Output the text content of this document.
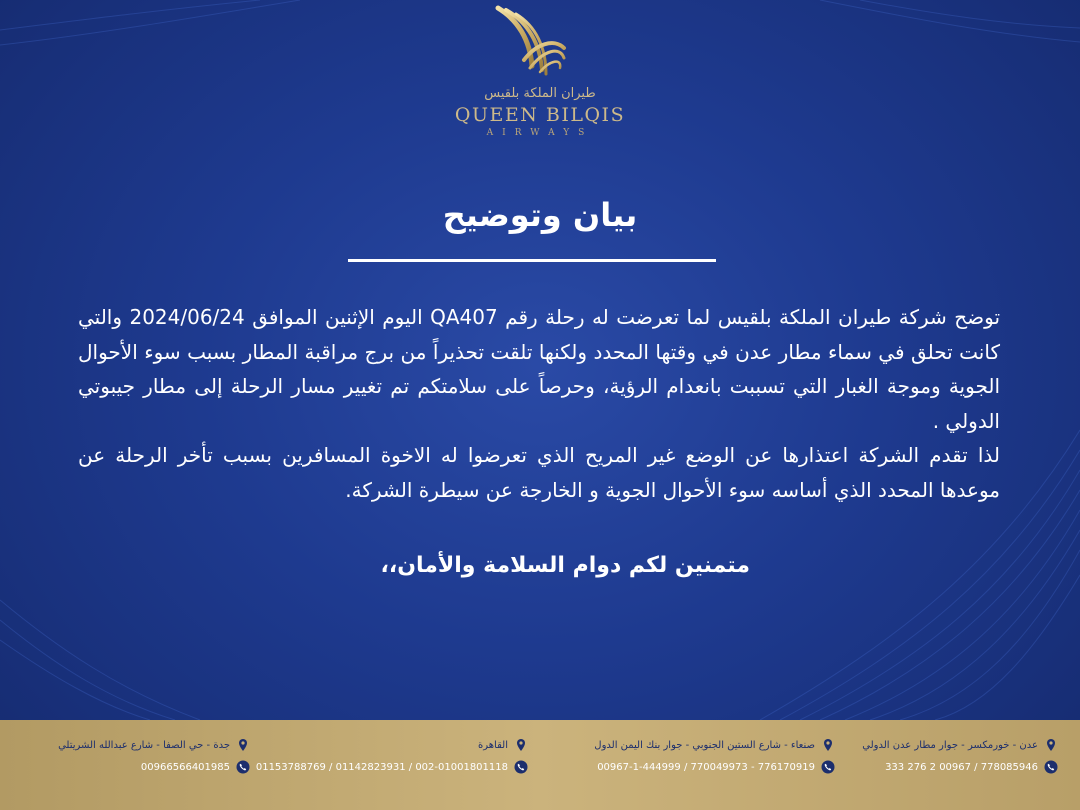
طيران الملكة بلقيس
QUEEN BILQIS
AIRWAYS
بيان وتوضيح

توضح شركة طيران الملكة بلقيس لما تعرضت له رحلة رقم QA407 اليوم الإثنين الموافق 2024/06/24 والتي كانت تحلق في سماء مطار عدن في وقتها المحدد ولكنها تلقت تحذيراً من برج مراقبة المطار بسبب سوء الأحوال الجوية وموجة الغبار التي تسببت بانعدام الرؤية، وحرصاً على سلامتكم تم تغيير مسار الرحلة إلى مطار جيبوتي الدولي .

لذا تقدم الشركة اعتذارها عن الوضع غير المريح الذي تعرضوا له الاخوة المسافرين بسبب تأخر الرحلة عن موعدها المحدد الذي أساسه سوء الأحوال الجوية و الخارجة عن سيطرة الشركة.

متمنين لكم دوام السلامة والأمان،،
عدن - خورمكسر - جوار مطار عدن الدولي
778085946 / 00967 2 276 333
صنعاء - شارع الستين الجنوبي - جوار بنك اليمن الدول
776170919 - 770049973 / 00967-1-444999
القاهرة
002-01001801118 / 01142823931 / 01153788769
جدة - حي الصفا - شارع عبدالله الشريتلي
00966566401985
